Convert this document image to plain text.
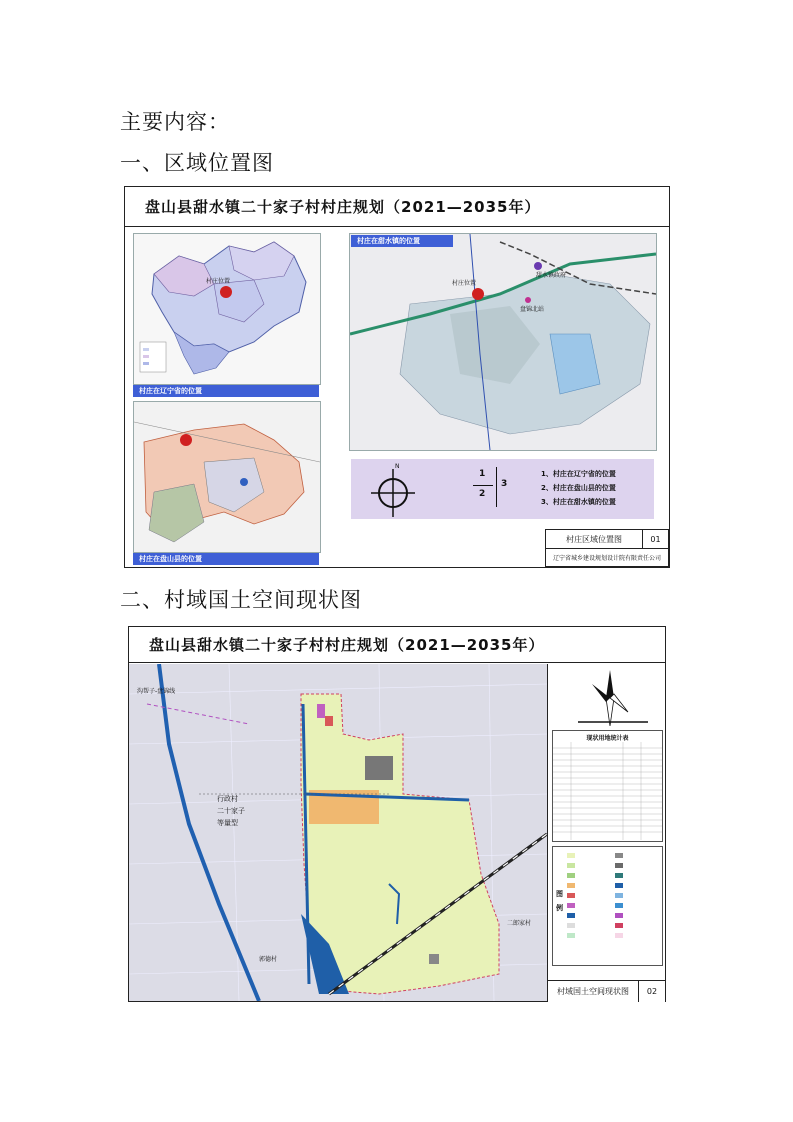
主要内容：
一、区域位置图
盘山县甜水镇二十家子村村庄规划（2021—2035年）
村庄位置
村庄在辽宁省的位置
村庄在盘山县的位置
村庄位置
甜水镇政府
盘锦北站
村庄在甜水镇的位置
N
1
2
3
1、村庄在辽宁省的位置
2、村庄在盘山县的位置
3、村庄在甜水镇的位置
村庄区域位置图	01
辽宁省城乡建设规划设计院有限责任公司
二、村域国土空间现状图
盘山县甜水镇二十家子村村庄规划（2021—2035年）
沟帮子-盘锦线
行政村
二十家子
等量型
郭德村
二郎家村
现状用地统计表
图 例
村域国土空间现状图	02
